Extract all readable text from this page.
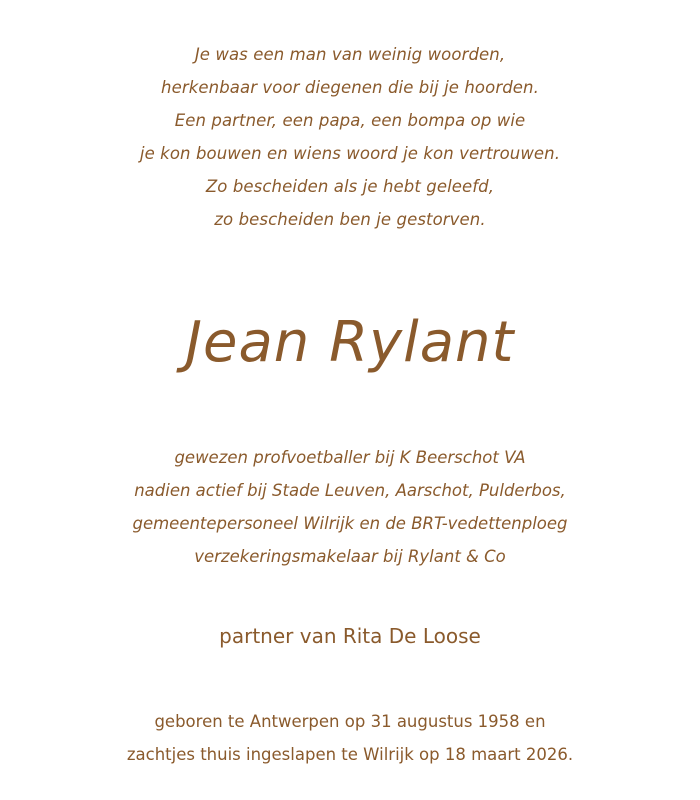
Je was een man van weinig woorden,
herkenbaar voor diegenen die bij je hoorden.
Een partner, een papa, een bompa op wie
je kon bouwen en wiens woord je kon vertrouwen.
Zo bescheiden als je hebt geleefd,
zo bescheiden ben je gestorven.
Jean Rylant
gewezen profvoetballer bij K Beerschot VA
nadien actief bij Stade Leuven, Aarschot, Pulderbos,
gemeentepersoneel Wilrijk en de BRT-vedettenploeg
verzekeringsmakelaar bij Rylant & Co
partner van Rita De Loose
geboren te Antwerpen op 31 augustus 1958 en
zachtjes thuis ingeslapen te Wilrijk op 18 maart 2026.
